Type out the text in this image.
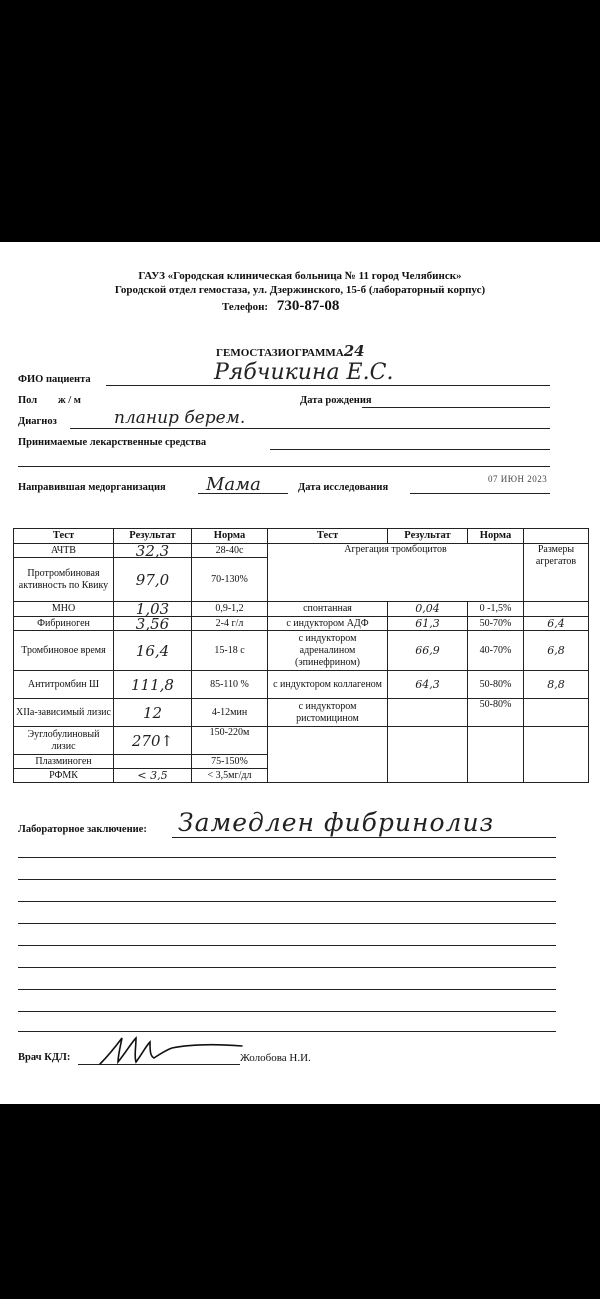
ГАУЗ «Городская клиническая больница № 11 город Челябинск»
Городской отдел гемостаза, ул. Дзержинского, 15-б (лабораторный корпус)
Телефон: 730-87-08
ГЕМОСТАЗИОГРАММА24
ФИО пациента	Рябчикина Е.С.
Пол ж / м	Дата рождения
Диагноз	планир берем.
Принимаемые лекарственные средства
Направившая медорганизация Мама	Дата исследования
07 ИЮН 2023
Тест	Результат	Норма	Тест	Результат	Норма	
АЧТВ	32,3	28-40с	Агрегация тромбоцитов			Размеры агрегатов
Протромбиновая активность по Квику	97,0	70-130%				
МНО	1,03	0,9-1,2	спонтанная	0,04	0 -1,5%	
Фибриноген	3,56	2-4 г/л	с индуктором АДФ	61,3	50-70%	6,4
Тромбиновое время	16,4	15-18 с	с индуктором адреналином (эпинефрином)	66,9	40-70%	6,8
Антитромбин Ш	111,8	85-110 %	с индуктором коллагеном	64,3	50-80%	8,8
XIIa-зависимый лизис	12	4-12мин	с индуктором ристомицином		50-80%	
Эуглобулиновый лизис	270↑	150-220м				
Плазминоген		75-150%				
РФМК	< 3,5	< 3,5мг/дл				
Лабораторное заключение: Замедлен фибринолиз
Врач КДЛ:	Жолобова Н.И.
